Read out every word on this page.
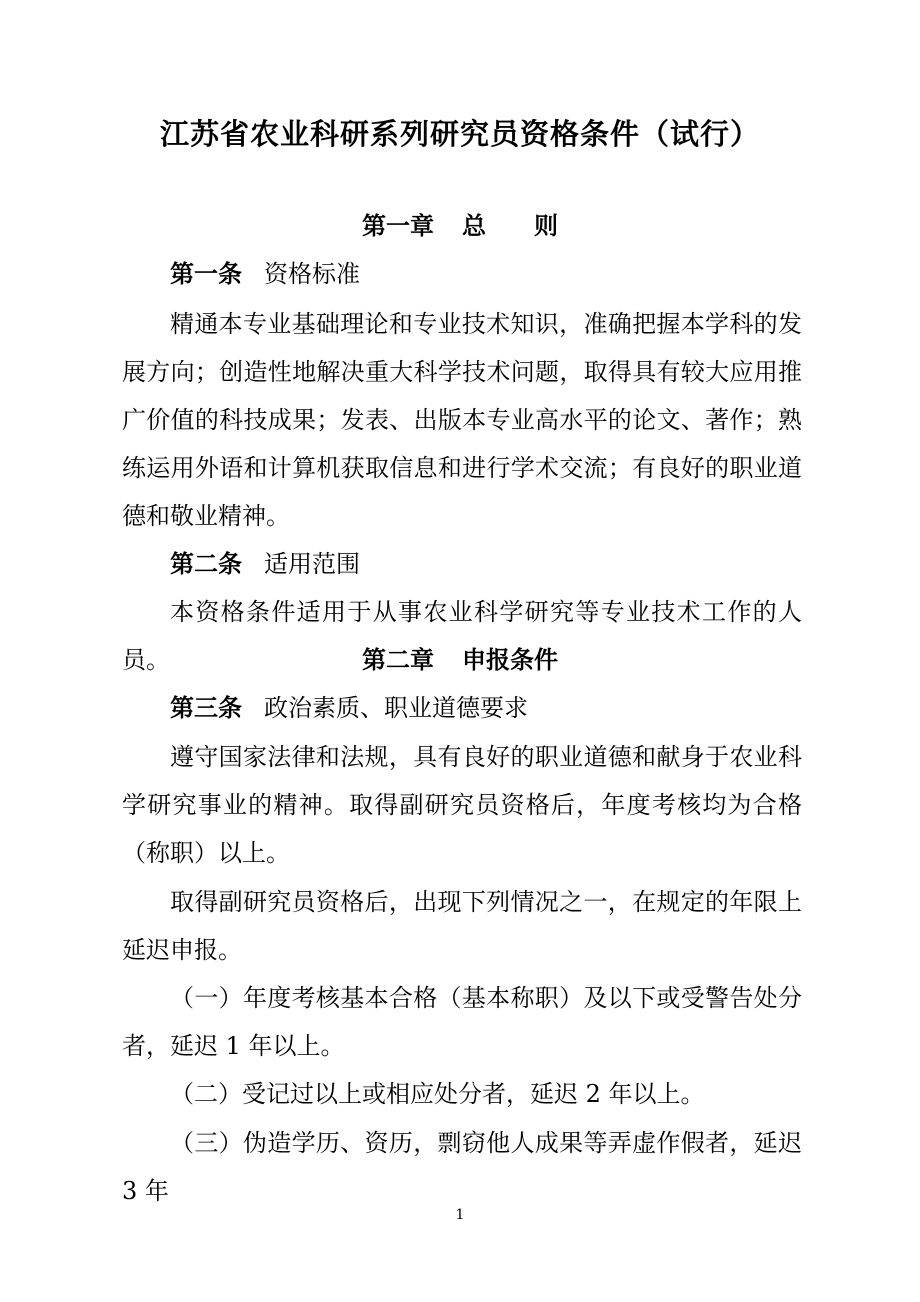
江苏省农业科研系列研究员资格条件（试行）
第一章 总　　则
第一条 资格标准

精通本专业基础理论和专业技术知识，准确把握本学科的发展方向；创造性地解决重大科学技术问题，取得具有较大应用推广价值的科技成果；发表、出版本专业高水平的论文、著作；熟练运用外语和计算机获取信息和进行学术交流；有良好的职业道德和敬业精神。

第二条 适用范围

本资格条件适用于从事农业科学研究等专业技术工作的人员。	第二章 申报条件
第三条 政治素质、职业道德要求

遵守国家法律和法规，具有良好的职业道德和献身于农业科学研究事业的精神。取得副研究员资格后，年度考核均为合格（称职）以上。

取得副研究员资格后，出现下列情况之一，在规定的年限上延迟申报。

（一）年度考核基本合格（基本称职）及以下或受警告处分者，延迟 1 年以上。

（二）受记过以上或相应处分者，延迟 2 年以上。

（三）伪造学历、资历，剽窃他人成果等弄虚作假者，延迟 3 年

1
